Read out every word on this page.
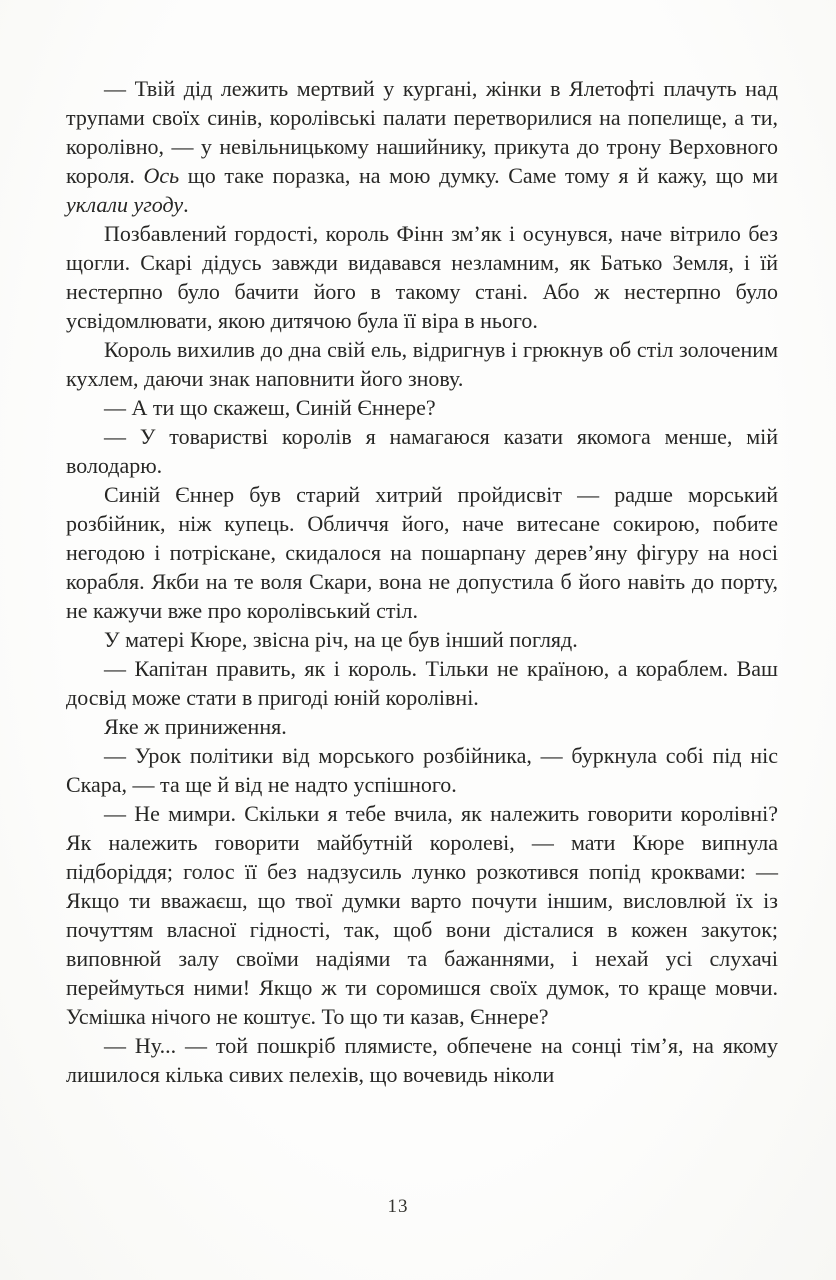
— Твій дід лежить мертвий у кургані, жінки в Ялетофті плачуть над трупами своїх синів, королівські палати перетворилися на попелище, а ти, королівно, — у невільницькому нашийнику, прикута до трону Верховного короля. Ось що таке поразка, на мою думку. Саме тому я й кажу, що ми уклали угоду.

Позбавлений гордості, король Фінн зм’як і осунувся, наче вітрило без щогли. Скарі дідусь завжди видавався незламним, як Батько Земля, і їй нестерпно було бачити його в такому стані. Або ж нестерпно було усвідомлювати, якою дитячою була її віра в нього.

Король вихилив до дна свій ель, відригнув і грюкнув об стіл золоченим кухлем, даючи знак наповнити його знову.

— А ти що скажеш, Синій Єннере?

— У товаристві королів я намагаюся казати якомога менше, мій володарю.

Синій Єннер був старий хитрий пройдисвіт — радше морський розбійник, ніж купець. Обличчя його, наче витесане сокирою, побите негодою і потріскане, скидалося на пошарпану дерев’яну фігуру на носі корабля. Якби на те воля Скари, вона не допустила б його навіть до порту, не кажучи вже про королівський стіл.

У матері Кюре, звісна річ, на це був інший погляд.

— Капітан править, як і король. Тільки не країною, а кораблем. Ваш досвід може стати в пригоді юній королівні.

Яке ж приниження.

— Урок політики від морського розбійника, — буркнула собі під ніс Скара, — та ще й від не надто успішного.

— Не мимри. Скільки я тебе вчила, як належить говорити королівні? Як належить говорити майбутній королеві, — мати Кюре випнула підборіддя; голос її без надзусиль лунко розкотився попід кроквами: — Якщо ти вважаєш, що твої думки варто почути іншим, висловлюй їх із почуттям власної гідності, так, щоб вони дісталися в кожен закуток; виповнюй залу своїми надіями та бажаннями, і нехай усі слухачі переймуться ними! Якщо ж ти соромишся своїх думок, то краще мовчи. Усмішка нічого не коштує. То що ти казав, Єннере?

— Ну... — той пошкріб плямисте, обпечене на сонці тім’я, на якому лишилося кілька сивих пелехів, що вочевидь ніколи

13
